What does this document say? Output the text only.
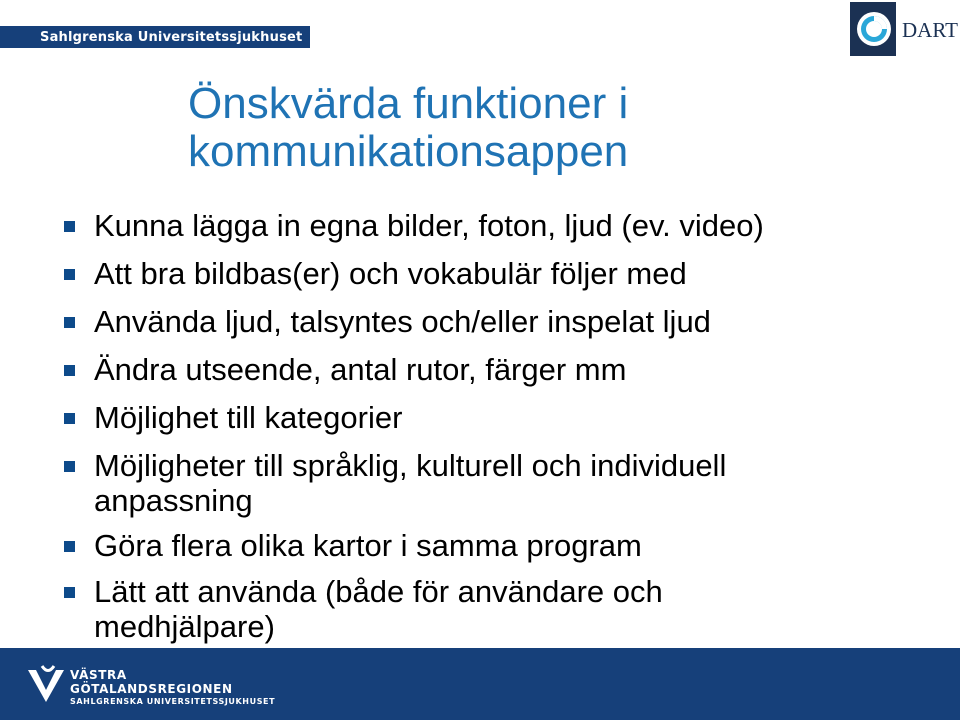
Sahlgrenska Universitetssjukhuset	DART
Önskvärda funktioner i
kommunikationsappen
Kunna lägga in egna bilder, foton, ljud (ev. video)
Att bra bildbas(er) och vokabulär följer med
Använda ljud, talsyntes och/eller inspelat ljud
Ändra utseende, antal rutor, färger mm
Möjlighet till kategorier
Möjligheter till språklig, kulturell och individuell
anpassning
Göra flera olika kartor i samma program
Lätt att använda (både för användare och
medhjälpare)
VÄSTRA
GÖTALANDSREGIONEN
SAHLGRENSKA UNIVERSITETSSJUKHUSET
